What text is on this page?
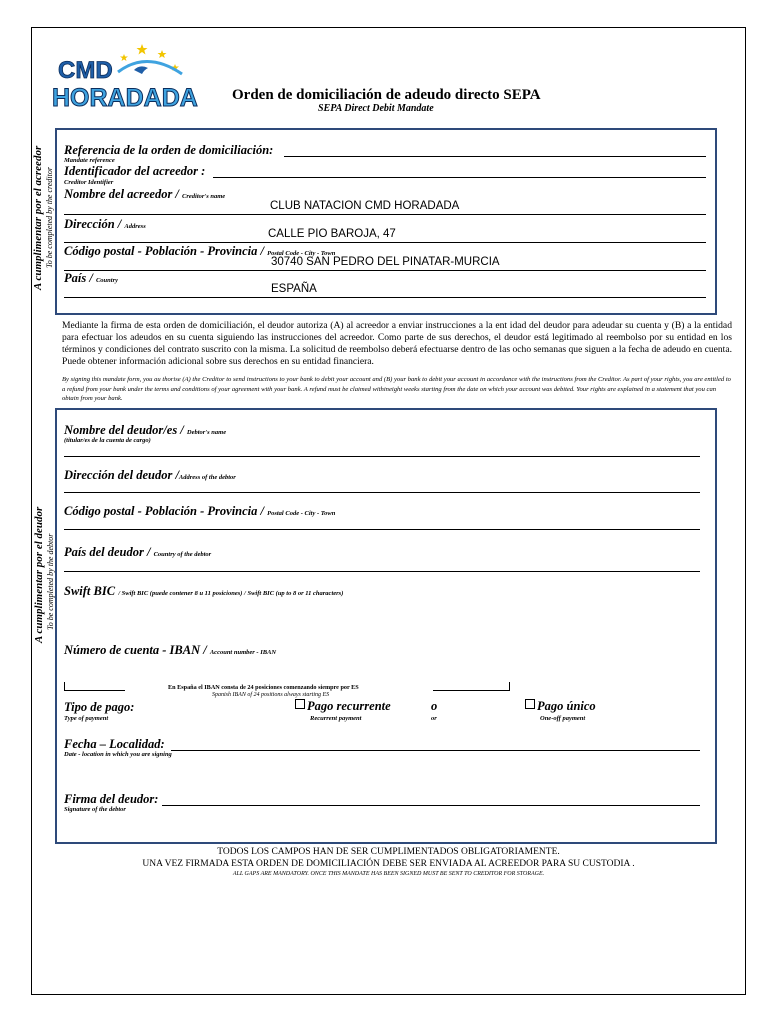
CMD
HORADADA Orden de domiciliación de adeudo directo SEPA
SEPA Direct Debit Mandate
A cumplimentar por el acreedor To be completed by the creditor
Referencia de la orden de domiciliación:
Mandate reference
Identificador del acreedor :
Creditor Identifier
Nombre del acreedor / Creditor's name
CLUB NATACION CMD HORADADA
Dirección / Address
CALLE PIO BAROJA, 47
Código postal - Población - Provincia / Postal Code - City - Town
30740 SAN PEDRO DEL PINATAR-MURCIA
País / Country
ESPAÑA
Mediante la firma de esta orden de domiciliación, el deudor autoriza (A) al acreedor a enviar instrucciones a la ent idad del deudor para adeudar su cuenta y (B) a la entidad para efectuar los adeudos en su cuenta siguiendo las instrucciones del acreedor. Como parte de sus derechos, el deudor está legitimado al reembolso por su entidad en los términos y condiciones del contrato suscrito con la misma. La solicitud de reembolso deberá efectuarse dentro de las ocho semanas que siguen a la fecha de adeudo en cuenta. Puede obtener información adicional sobre sus derechos en su entidad financiera.
By signing this mandate form, you au thorise (A) the Creditor to send instructions to your bank to debit your account and (B) your bank to debit your account in accordance with the instructions from the Creditor. As part of your rights, you are entitled to a refund from your bank under the terms and conditions of your agreement with your bank. A refund must be claimed withineight weeks starting from the date on which your account was debited. Your rights are explained in a statement that you can obtain from your bank.
A cumplimentar por el deudor To be completed by the debtor
Nombre del deudor/es / Debtor's name
(titular/es de la cuenta de cargo)
Dirección del deudor /Address of the debtor
Código postal - Población - Provincia / Postal Code - City - Town
País del deudor / Country of the debtor
Swift BIC / Swift BIC (puede contener 8 u 11 posiciones) / Swift BIC (up to 8 or 11 characters)
Número de cuenta - IBAN / Account number - IBAN
En España el IBAN consta de 24 posiciones comenzando siempre por ES
Spanish IBAN of 24 positions always starting ES
Tipo de pago:
Type of payment
Pago recurrente
Recurrent payment
o
or
Pago único
One-off payment
Fecha – Localidad:
Date - location in which you are signing
Firma del deudor:
Signature of the debtor
TODOS LOS CAMPOS HAN DE SER CUMPLIMENTADOS OBLIGATORIAMENTE.
UNA VEZ FIRMADA ESTA ORDEN DE DOMICILIACIÓN DEBE SER ENVIADA AL ACREEDOR PARA SU CUSTODIA .
ALL GAPS ARE MANDATORY. ONCE THIS MANDATE HAS BEEN SIGNED MUST BE SENT TO CREDITOR FOR STORAGE.
